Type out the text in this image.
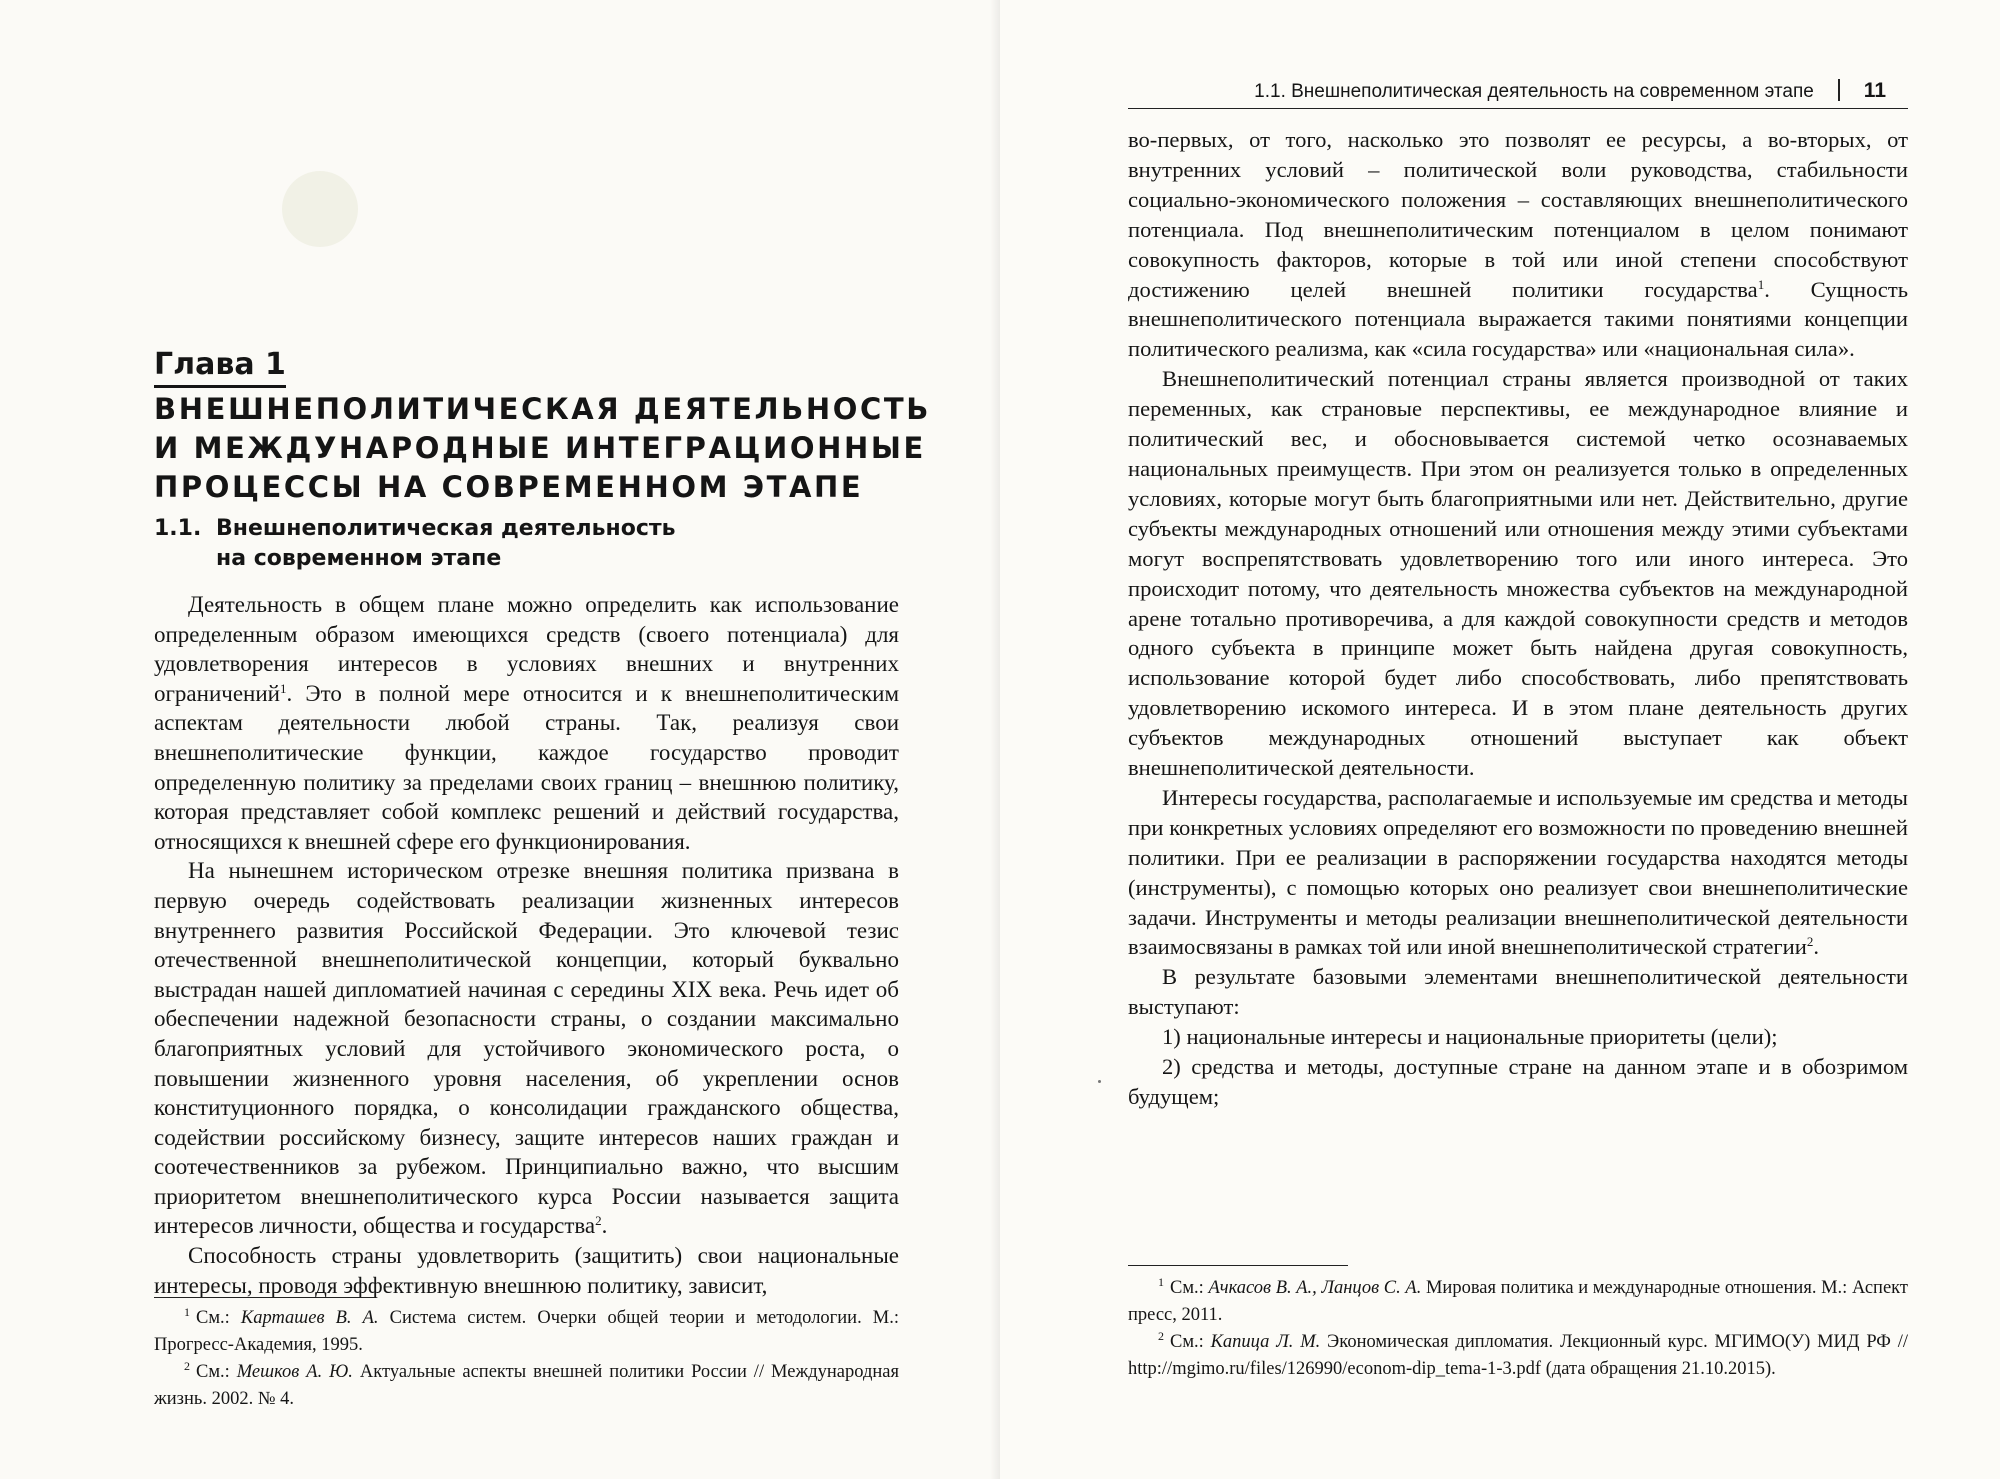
Глава 1

ВНЕШНЕПОЛИТИЧЕСКАЯ ДЕЯТЕЛЬНОСТЬ

И МЕЖДУНАРОДНЫЕ ИНТЕГРАЦИОННЫЕ

ПРОЦЕССЫ НА СОВРЕМЕННОМ ЭТАПЕ

1.1. Внешнеполитическая деятельность
на современном этапе

Деятельность в общем плане можно определить как использование определенным образом имеющихся средств (своего потенциала) для удовлетворения интересов в условиях внешних и внутренних ограничений$^1$. Это в полной мере относится и к внешнеполитическим аспектам деятельности любой страны. Так, реализуя свои внешнеполитические функции, каждое государство проводит определенную политику за пределами своих границ – внешнюю политику, которая представляет собой комплекс решений и действий государства, относящихся к внешней сфере его функционирования.

На нынешнем историческом отрезке внешняя политика призвана в первую очередь содействовать реализации жизненных интересов внутреннего развития Российской Федерации. Это ключевой тезис отечественной внешнеполитической концепции, который буквально выстрадан нашей дипломатией начиная с середины XIX века. Речь идет об обеспечении надежной безопасности страны, о создании максимально благоприятных условий для устойчивого экономического роста, о повышении жизненного уровня населения, об укреплении основ конституционного порядка, о консолидации гражданского общества, содействии российскому бизнесу, защите интересов наших граждан и соотечественников за рубежом. Принципиально важно, что высшим приоритетом внешнеполитического курса России называется защита интересов личности, общества и государства$^2$.

Способность страны удовлетворить (защитить) свои национальные интересы, проводя эффективную внешнюю политику, зависит,

$^1$ См.: Карташев В. А. Система систем. Очерки общей теории и методологии. М.: Прогресс-Академия, 1995.

$^2$ См.: Мешков А. Ю. Актуальные аспекты внешней политики России // Международная жизнь. 2002. № 4.

1.1. Внешнеполитическая деятельность на современном этапе 11

во-первых, от того, насколько это позволят ее ресурсы, а во-вторых, от внутренних условий – политической воли руководства, стабильности социально-экономического положения – составляющих внешнеполитического потенциала. Под внешнеполитическим потенциалом в целом понимают совокупность факторов, которые в той или иной степени способствуют достижению целей внешней политики государства$^1$. Сущность внешнеполитического потенциала выражается такими понятиями концепции политического реализма, как «сила государства» или «национальная сила».

Внешнеполитический потенциал страны является производной от таких переменных, как страновые перспективы, ее международное влияние и политический вес, и обосновывается системой четко осознаваемых национальных преимуществ. При этом он реализуется только в определенных условиях, которые могут быть благоприятными или нет. Действительно, другие субъекты международных отношений или отношения между этими субъектами могут воспрепятствовать удовлетворению того или иного интереса. Это происходит потому, что деятельность множества субъектов на международной арене тотально противоречива, а для каждой совокупности средств и методов одного субъекта в принципе может быть найдена другая совокупность, использование которой будет либо способствовать, либо препятствовать удовлетворению искомого интереса. И в этом плане деятельность других субъектов международных отношений выступает как объект внешнеполитической деятельности.

Интересы государства, располагаемые и используемые им средства и методы при конкретных условиях определяют его возможности по проведению внешней политики. При ее реализации в распоряжении государства находятся методы (инструменты), с помощью которых оно реализует свои внешнеполитические задачи. Инструменты и методы реализации внешнеполитической деятельности взаимосвязаны в рамках той или иной внешнеполитической стратегии$^2$.

В результате базовыми элементами внешнеполитической деятельности выступают:

1) национальные интересы и национальные приоритеты (цели);

2) средства и методы, доступные стране на данном этапе и в обозримом будущем;

$^1$ См.: Ачкасов В. А., Ланцов С. А. Мировая политика и международные отношения. М.: Аспект пресс, 2011.

$^2$ См.: Капица Л. М. Экономическая дипломатия. Лекционный курс. МГИМО(У) МИД РФ // http://mgimo.ru/files/126990/econom-dip_tema-1-3.pdf (дата обращения 21.10.2015).
